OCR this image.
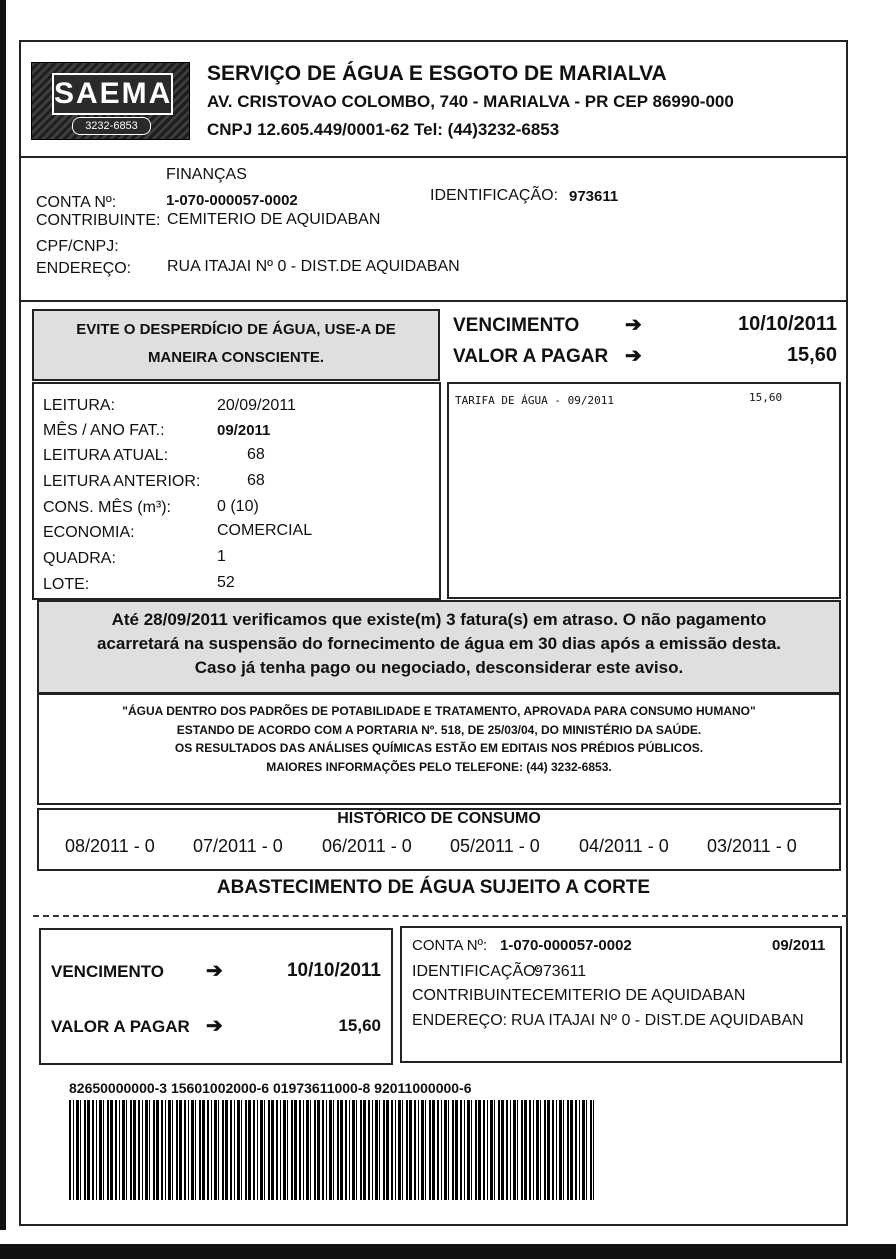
SAEMA
3232-6853
SERVIÇO DE ÁGUA E ESGOTO DE MARIALVA
AV. CRISTOVAO COLOMBO, 740 - MARIALVA - PR CEP 86990-000
CNPJ 12.605.449/0001-62 Tel: (44)3232-6853
FINANÇAS
CONTA Nº:	1-070-000057-0002	IDENTIFICAÇÃO: 973611
CONTRIBUINTE: CEMITERIO DE AQUIDABAN
CPF/CNPJ:
ENDEREÇO: RUA ITAJAI Nº 0 - DIST.DE AQUIDABAN
EVITE O DESPERDÍCIO DE ÁGUA, USE-A DE
MANEIRA CONSCIENTE.
VENCIMENTO ➔	10/10/2011
VALOR A PAGAR ➔	15,60
LEITURA:	20/09/2011
MÊS / ANO FAT.:	09/2011
LEITURA ATUAL:	68
LEITURA ANTERIOR:	68
CONS. MÊS (m³):	0 (10)
ECONOMIA:	COMERCIAL
QUADRA:	1
LOTE:	52
TARIFA DE ÁGUA - 09/2011	15,60
Até 28/09/2011 verificamos que existe(m) 3 fatura(s) em atraso. O não pagamento
acarretará na suspensão do fornecimento de água em 30 dias após a emissão desta.
Caso já tenha pago ou negociado, desconsiderar este aviso.
"ÁGUA DENTRO DOS PADRÕES DE POTABILIDADE E TRATAMENTO, APROVADA PARA CONSUMO HUMANO"
ESTANDO DE ACORDO COM A PORTARIA Nº. 518, DE 25/03/04, DO MINISTÉRIO DA SAÚDE.
OS RESULTADOS DAS ANÁLISES QUÍMICAS ESTÃO EM EDITAIS NOS PRÉDIOS PÚBLICOS.
MAIORES INFORMAÇÕES PELO TELEFONE: (44) 3232-6853.
HISTÓRICO DE CONSUMO
08/2011 - 0 07/2011 - 0 06/2011 - 0 05/2011 - 0 04/2011 - 0 03/2011 - 0
ABASTECIMENTO DE ÁGUA SUJEITO A CORTE
VENCIMENTO ➔	10/10/2011
VALOR A PAGAR ➔	15,60
CONTA Nº: 1-070-000057-0002	09/2011
IDENTIFICAÇÃO:
973611
CONTRIBUINTE:
CEMITERIO DE AQUIDABAN
ENDEREÇO: RUA ITAJAI Nº 0 - DIST.DE AQUIDABAN
82650000000-3 15601002000-6 01973611000-8 92011000000-6
